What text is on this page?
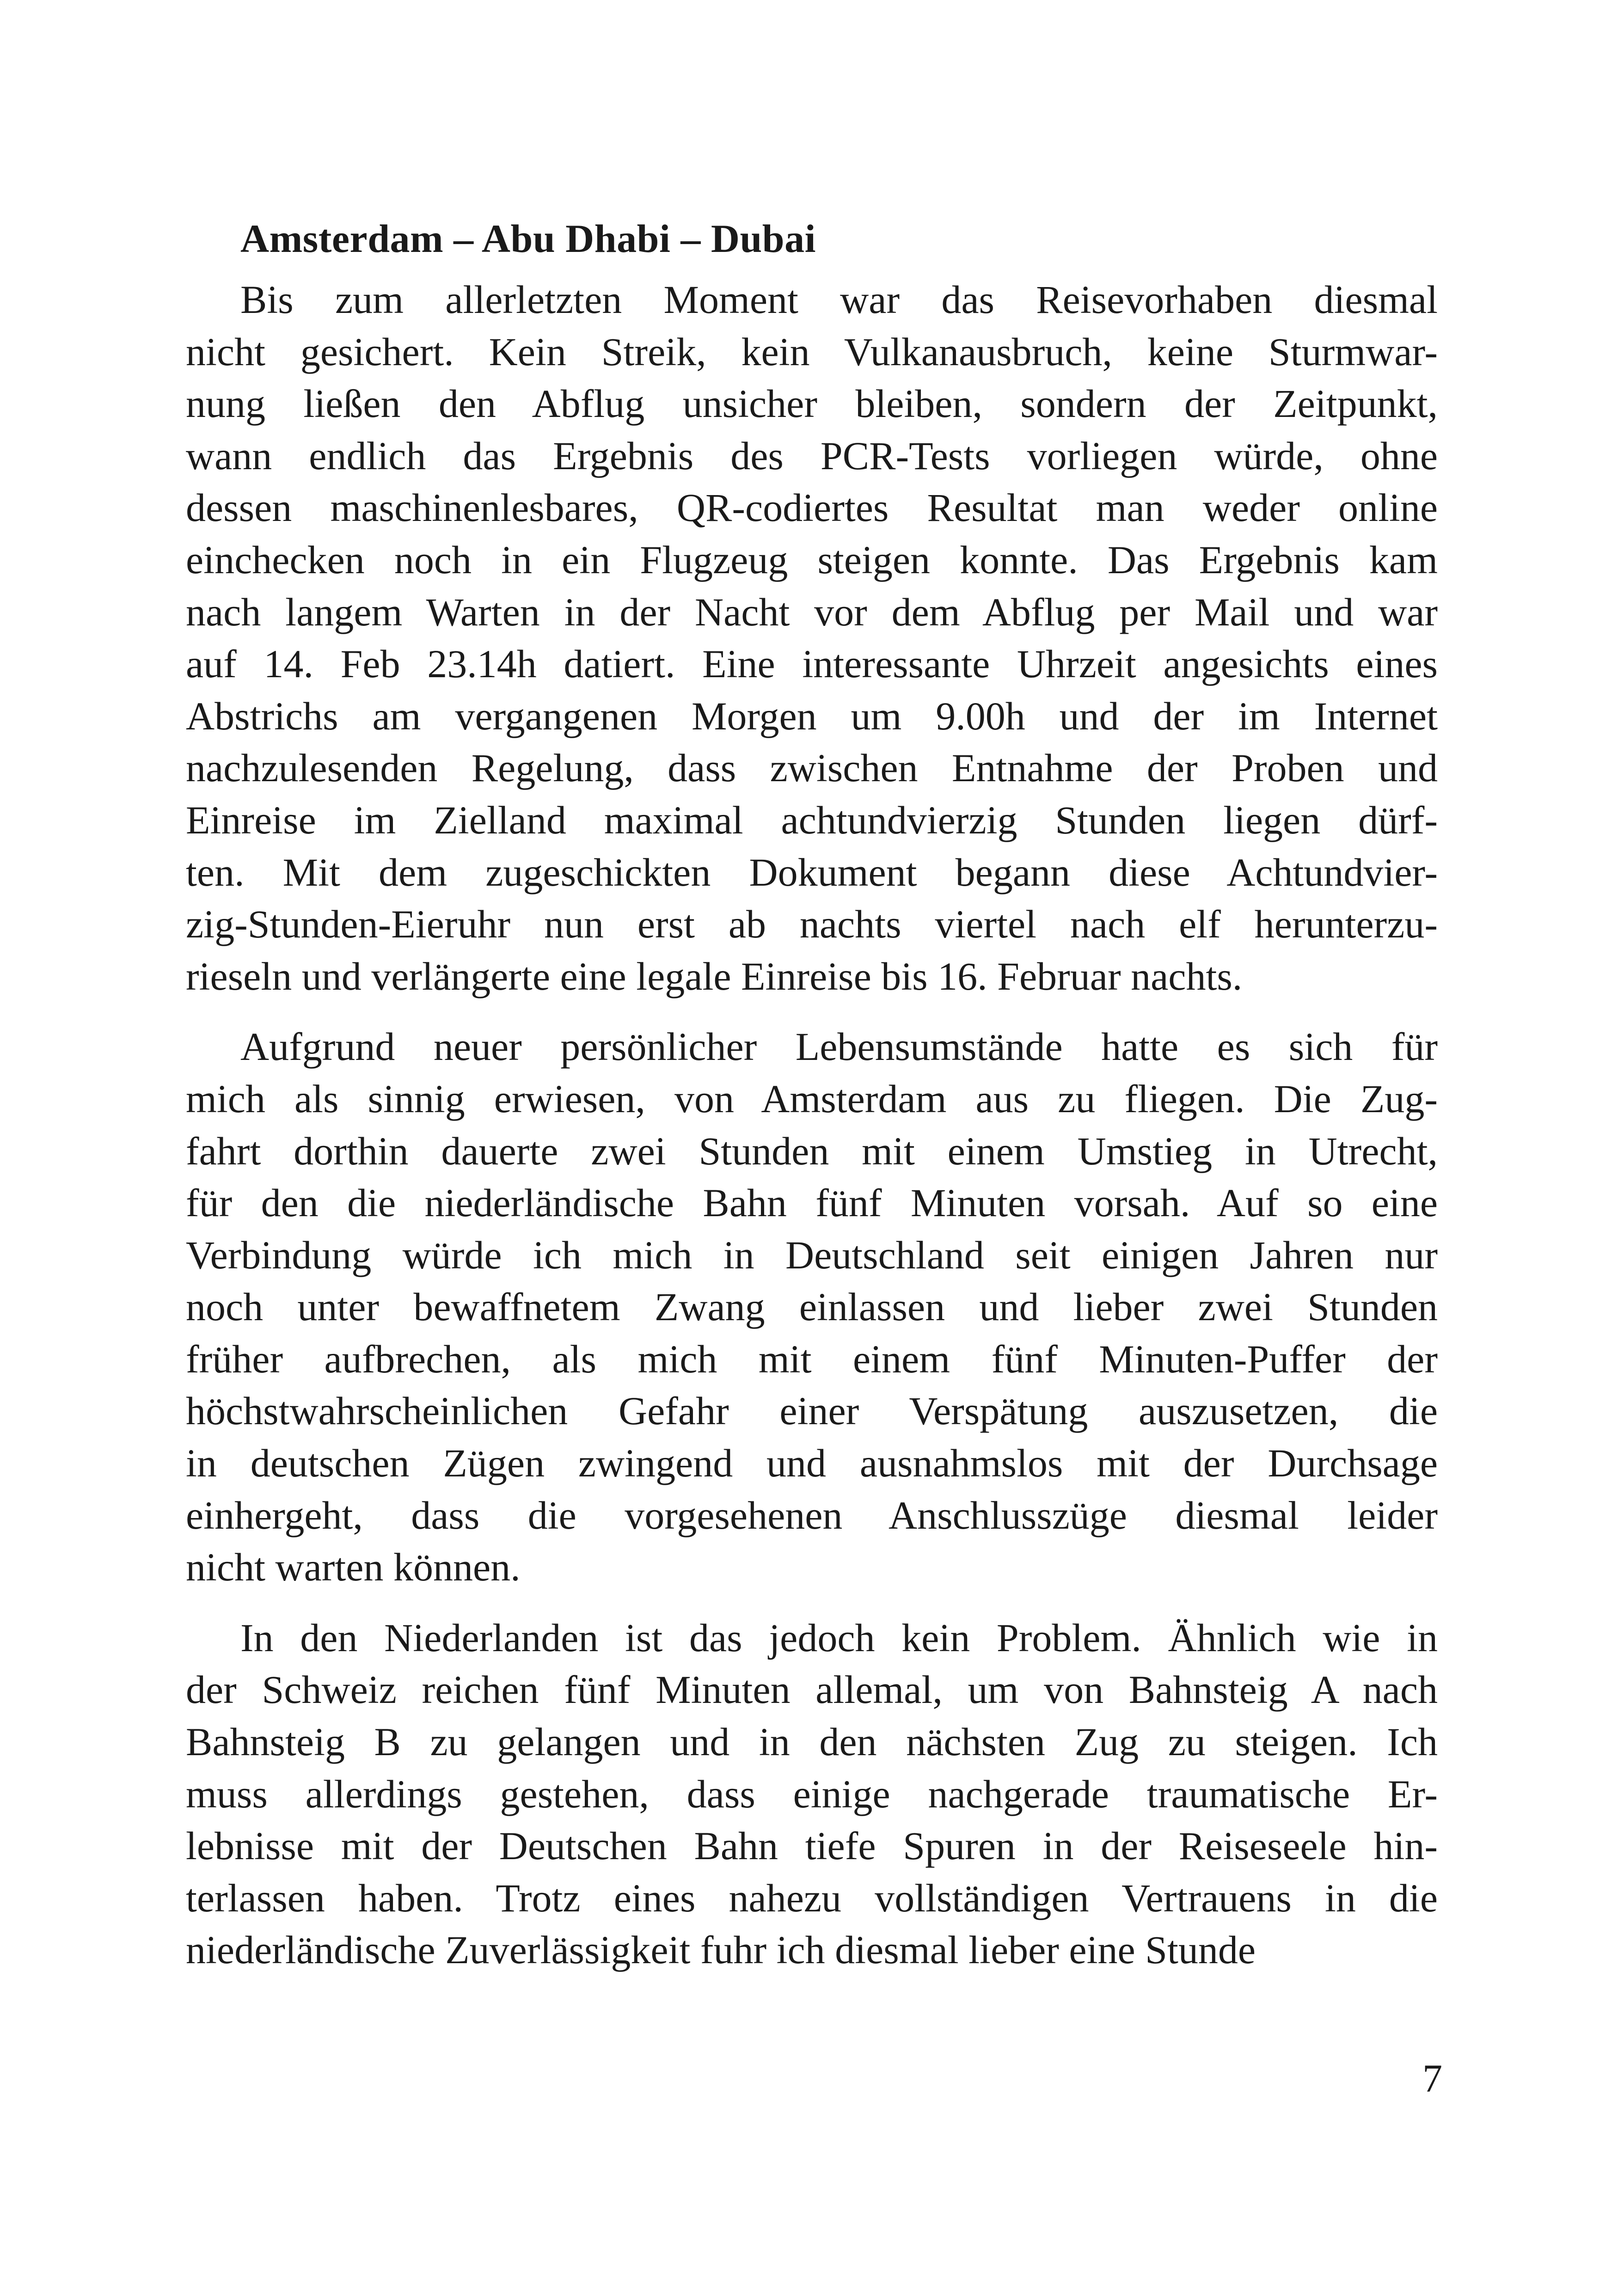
Amsterdam – Abu Dhabi – Dubai

Bis zum allerletzten Moment war das Reisevorhaben diesmal
nicht gesichert. Kein Streik, kein Vulkanausbruch, keine Sturmwar-
nung ließen den Abflug unsicher bleiben, sondern der Zeitpunkt,
wann endlich das Ergebnis des PCR-Tests vorliegen würde, ohne
dessen maschinenlesbares, QR-codiertes Resultat man weder online
einchecken noch in ein Flugzeug steigen konnte. Das Ergebnis kam
nach langem Warten in der Nacht vor dem Abflug per Mail und war
auf 14. Feb 23.14h datiert. Eine interessante Uhrzeit angesichts eines
Abstrichs am vergangenen Morgen um 9.00h und der im Internet
nachzulesenden Regelung, dass zwischen Entnahme der Proben und
Einreise im Zielland maximal achtundvierzig Stunden liegen dürf-
ten. Mit dem zugeschickten Dokument begann diese Achtundvier-
zig-Stunden-Eieruhr nun erst ab nachts viertel nach elf herunterzu-
rieseln und verlängerte eine legale Einreise bis 16. Februar nachts.

Aufgrund neuer persönlicher Lebensumstände hatte es sich für
mich als sinnig erwiesen, von Amsterdam aus zu fliegen. Die Zug-
fahrt dorthin dauerte zwei Stunden mit einem Umstieg in Utrecht,
für den die niederländische Bahn fünf Minuten vorsah. Auf so eine
Verbindung würde ich mich in Deutschland seit einigen Jahren nur
noch unter bewaffnetem Zwang einlassen und lieber zwei Stunden
früher aufbrechen, als mich mit einem fünf Minuten-Puffer der
höchstwahrscheinlichen Gefahr einer Verspätung auszusetzen, die
in deutschen Zügen zwingend und ausnahmslos mit der Durchsage
einhergeht, dass die vorgesehenen Anschlusszüge diesmal leider
nicht warten können.

In den Niederlanden ist das jedoch kein Problem. Ähnlich wie in
der Schweiz reichen fünf Minuten allemal, um von Bahnsteig A nach
Bahnsteig B zu gelangen und in den nächsten Zug zu steigen. Ich
muss allerdings gestehen, dass einige nachgerade traumatische Er-
lebnisse mit der Deutschen Bahn tiefe Spuren in der Reiseseele hin-
terlassen haben. Trotz eines nahezu vollständigen Vertrauens in die
niederländische Zuverlässigkeit fuhr ich diesmal lieber eine Stunde

7
